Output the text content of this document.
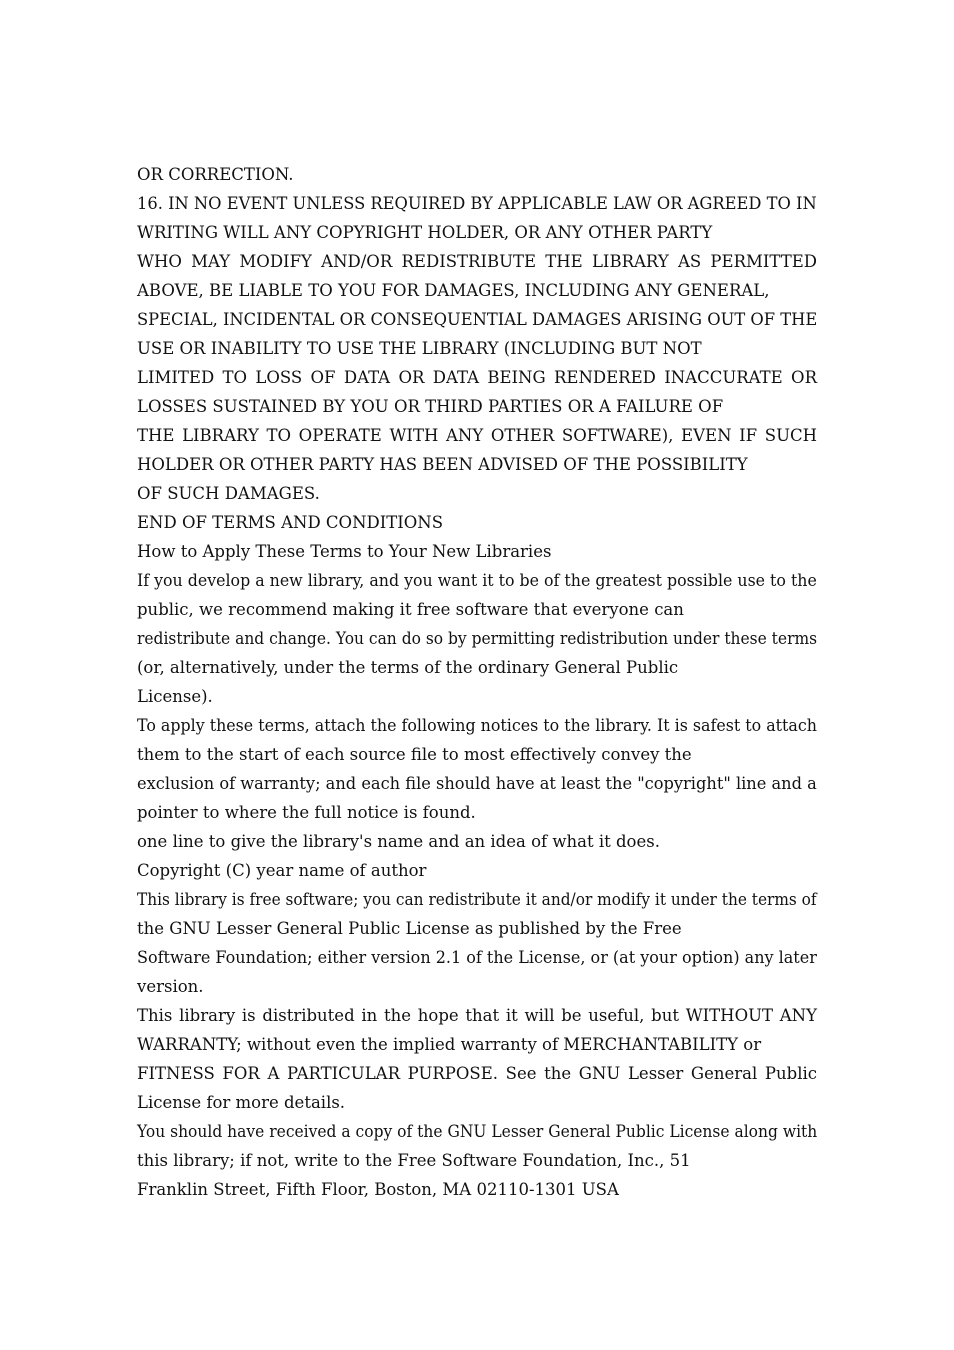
OR CORRECTION.
16. IN NO EVENT UNLESS REQUIRED BY APPLICABLE LAW OR AGREED TO IN
WRITING WILL ANY COPYRIGHT HOLDER, OR ANY OTHER PARTY
WHO MAY MODIFY AND/OR REDISTRIBUTE THE LIBRARY AS PERMITTED
ABOVE, BE LIABLE TO YOU FOR DAMAGES, INCLUDING ANY GENERAL,
SPECIAL, INCIDENTAL OR CONSEQUENTIAL DAMAGES ARISING OUT OF THE
USE OR INABILITY TO USE THE LIBRARY (INCLUDING BUT NOT
LIMITED TO LOSS OF DATA OR DATA BEING RENDERED INACCURATE OR
LOSSES SUSTAINED BY YOU OR THIRD PARTIES OR A FAILURE OF
THE LIBRARY TO OPERATE WITH ANY OTHER SOFTWARE), EVEN IF SUCH
HOLDER OR OTHER PARTY HAS BEEN ADVISED OF THE POSSIBILITY
OF SUCH DAMAGES.
END OF TERMS AND CONDITIONS
How to Apply These Terms to Your New Libraries
If you develop a new library, and you want it to be of the greatest possible use to the
public, we recommend making it free software that everyone can
redistribute and change. You can do so by permitting redistribution under these terms
(or, alternatively, under the terms of the ordinary General Public
License).
To apply these terms, attach the following notices to the library. It is safest to attach
them to the start of each source file to most effectively convey the
exclusion of warranty; and each file should have at least the "copyright" line and a
pointer to where the full notice is found.
one line to give the library's name and an idea of what it does.
Copyright (C) year name of author
This library is free software; you can redistribute it and/or modify it under the terms of
the GNU Lesser General Public License as published by the Free
Software Foundation; either version 2.1 of the License, or (at your option) any later
version.
This library is distributed in the hope that it will be useful, but WITHOUT ANY
WARRANTY; without even the implied warranty of MERCHANTABILITY or
FITNESS FOR A PARTICULAR PURPOSE. See the GNU Lesser General Public
License for more details.
You should have received a copy of the GNU Lesser General Public License along with
this library; if not, write to the Free Software Foundation, Inc., 51
Franklin Street, Fifth Floor, Boston, MA 02110-1301 USA
